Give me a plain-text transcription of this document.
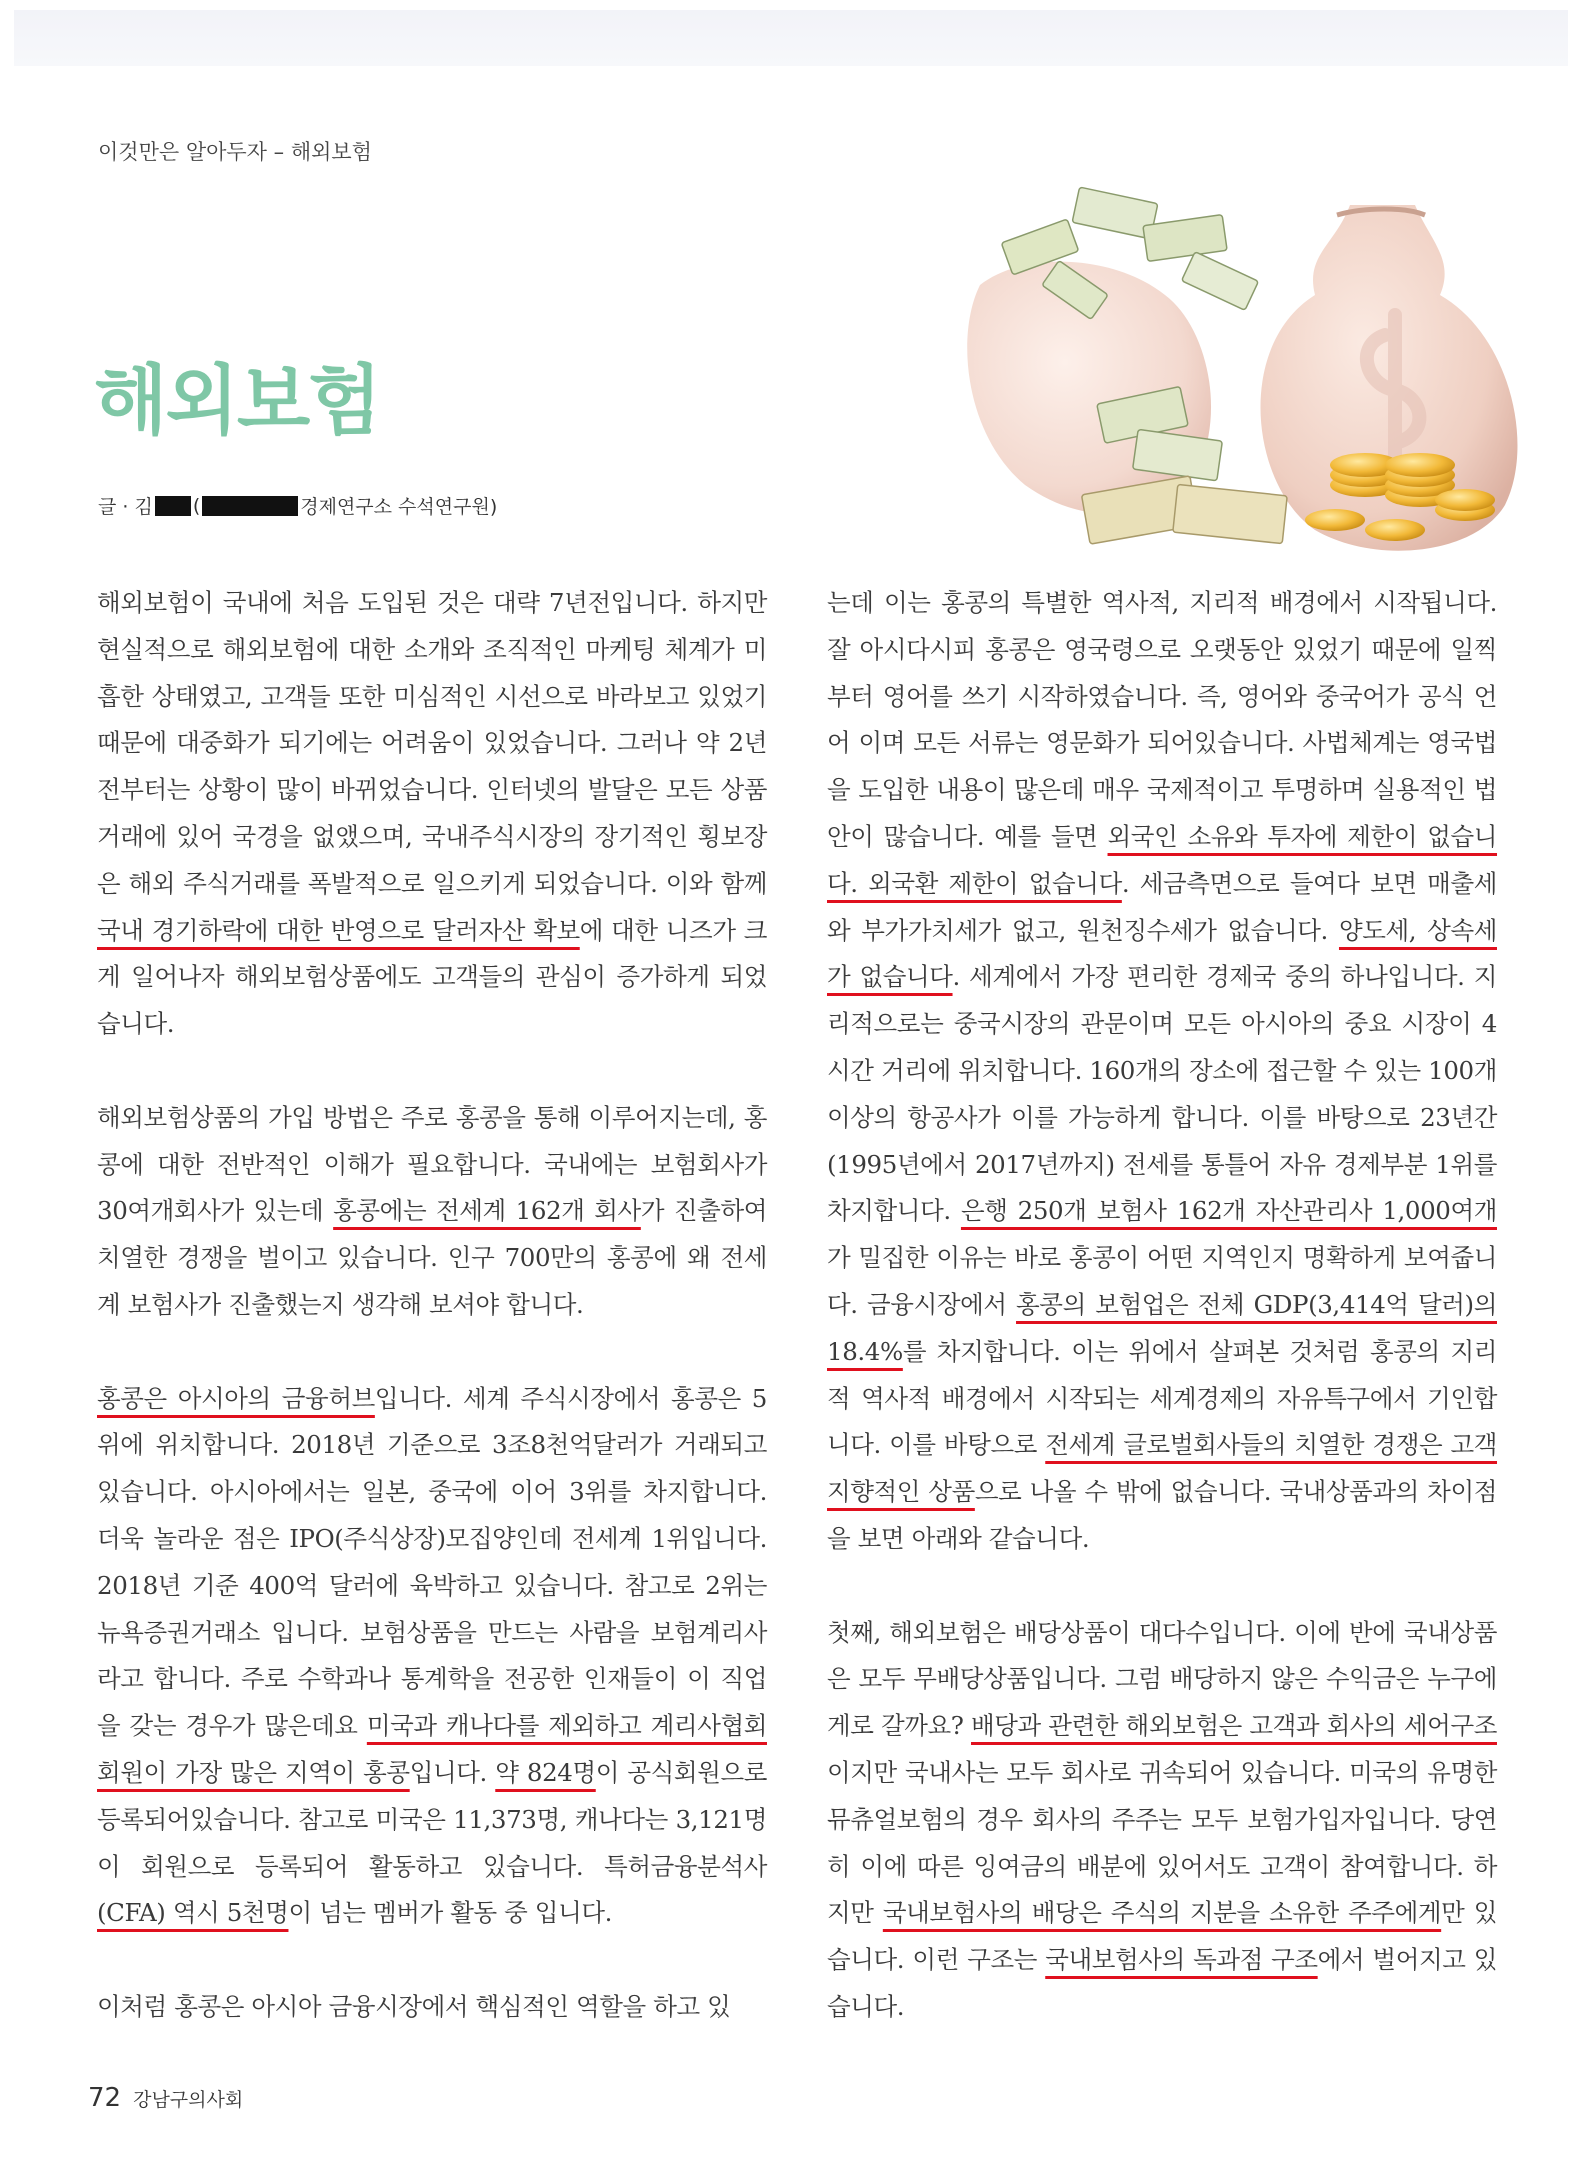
이것만은 알아두자 – 해외보험
해외보험
글 · 김 (	경제연구소 수석연구원)

해외보험이 국내에 처음 도입된 것은 대략 7년전입니다. 하지만 현실적으로 해외보험에 대한 소개와 조직적인 마케팅 체계가 미흡한 상태였고, 고객들 또한 미심적인 시선으로 바라보고 있었기때문에 대중화가 되기에는 어려움이 있었습니다. 그러나 약 2년 전부터는 상황이 많이 바뀌었습니다. 인터넷의 발달은 모든 상품거래에 있어 국경을 없앴으며, 국내주식시장의 장기적인 횡보장은 해외 주식거래를 폭발적으로 일으키게 되었습니다. 이와 함께 국내 경기하락에 대한 반영으로 달러자산 확보에 대한 니즈가 크게 일어나자 해외보험상품에도 고객들의 관심이 증가하게 되었습니다.

해외보험상품의 가입 방법은 주로 홍콩을 통해 이루어지는데, 홍콩에 대한 전반적인 이해가 필요합니다. 국내에는 보험회사가 30여개회사가 있는데 홍콩에는 전세계 162개 회사가 진출하여 치열한 경쟁을 벌이고 있습니다. 인구 700만의 홍콩에 왜 전세계 보험사가 진출했는지 생각해 보셔야 합니다.

홍콩은 아시아의 금융허브입니다. 세계 주식시장에서 홍콩은 5위에 위치합니다. 2018년 기준으로 3조8천억달러가 거래되고 있습니다. 아시아에서는 일본, 중국에 이어 3위를 차지합니다. 더욱 놀라운 점은 IPO(주식상장)모집양인데 전세계 1위입니다. 2018년 기준 400억 달러에 육박하고 있습니다. 참고로 2위는 뉴욕증권거래소 입니다. 보험상품을 만드는 사람을 보험계리사라고 합니다. 주로 수학과나 통계학을 전공한 인재들이 이 직업을 갖는 경우가 많은데요 미국과 캐나다를 제외하고 계리사협회 회원이 가장 많은 지역이 홍콩입니다. 약 824명이 공식회원으로 등록되어있습니다. 참고로 미국은 11,373명, 캐나다는 3,121명이 회원으로 등록되어 활동하고 있습니다. 특허금융분석사(CFA) 역시 5천명이 넘는 멤버가 활동 중 입니다.

이처럼 홍콩은 아시아 금융시장에서 핵심적인 역할을 하고 있

는데 이는 홍콩의 특별한 역사적, 지리적 배경에서 시작됩니다. 잘 아시다시피 홍콩은 영국령으로 오랫동안 있었기 때문에 일찍부터 영어를 쓰기 시작하였습니다. 즉, 영어와 중국어가 공식 언어 이며 모든 서류는 영문화가 되어있습니다. 사법체계는 영국법을 도입한 내용이 많은데 매우 국제적이고 투명하며 실용적인 법안이 많습니다. 예를 들면 외국인 소유와 투자에 제한이 없습니다. 외국환 제한이 없습니다. 세금측면으로 들여다 보면 매출세와 부가가치세가 없고, 원천징수세가 없습니다. 양도세, 상속세가 없습니다. 세계에서 가장 편리한 경제국 중의 하나입니다. 지리적으로는 중국시장의 관문이며 모든 아시아의 중요 시장이 4시간 거리에 위치합니다. 160개의 장소에 접근할 수 있는 100개 이상의 항공사가 이를 가능하게 합니다. 이를 바탕으로 23년간(1995년에서 2017년까지) 전세를 통틀어 자유 경제부분 1위를 차지합니다. 은행 250개 보험사 162개 자산관리사 1,000여개가 밀집한 이유는 바로 홍콩이 어떤 지역인지 명확하게 보여줍니다. 금융시장에서 홍콩의 보험업은 전체 GDP(3,414억 달러)의 18.4%를 차지합니다. 이는 위에서 살펴본 것처럼 홍콩의 지리적 역사적 배경에서 시작되는 세계경제의 자유특구에서 기인합니다. 이를 바탕으로 전세계 글로벌회사들의 치열한 경쟁은 고객지향적인 상품으로 나올 수 밖에 없습니다. 국내상품과의 차이점을 보면 아래와 같습니다.

첫째, 해외보험은 배당상품이 대다수입니다. 이에 반에 국내상품은 모두 무배당상품입니다. 그럼 배당하지 않은 수익금은 누구에게로 갈까요? 배당과 관련한 해외보험은 고객과 회사의 세어구조이지만 국내사는 모두 회사로 귀속되어 있습니다. 미국의 유명한 뮤츄얼보험의 경우 회사의 주주는 모두 보험가입자입니다. 당연히 이에 따른 잉여금의 배분에 있어서도 고객이 참여합니다. 하지만 국내보험사의 배당은 주식의 지분을 소유한 주주에게만 있습니다. 이런 구조는 국내보험사의 독과점 구조에서 벌어지고 있습니다.

72 강남구의사회
